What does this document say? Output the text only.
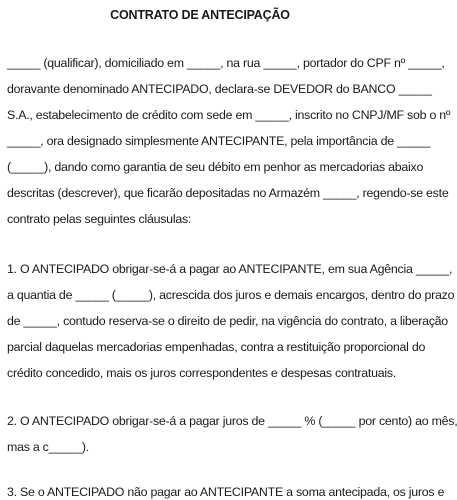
CONTRATO DE ANTECIPAÇÃO
_____ (qualificar), domiciliado em _____, na rua _____, portador do CPF nº _____,
doravante denominado ANTECIPADO, declara-se DEVEDOR do BANCO _____
S.A., estabelecimento de crédito com sede em _____, inscrito no CNPJ/MF sob o nº
_____, ora designado simplesmente ANTECIPANTE, pela importância de _____
(_____), dando como garantia de seu débito em penhor as mercadorias abaixo
descritas (descrever), que ficarão depositadas no Armazém _____, regendo-se este
contrato pelas seguintes cláusulas:
1. O ANTECIPADO obrigar-se-á a pagar ao ANTECIPANTE, em sua Agência _____,
a quantia de _____ (_____), acrescida dos juros e demais encargos, dentro do prazo
de _____, contudo reserva-se o direito de pedir, na vigência do contrato, a liberação
parcial daquelas mercadorias empenhadas, contra a restituição proporcional do
crédito concedido, mais os juros correspondentes e despesas contratuais.
2. O ANTECIPADO obrigar-se-á a pagar juros de _____ % (_____ por cento) ao mês,
mas a c_____).
3. Se o ANTECIPADO não pagar ao ANTECIPANTE a soma antecipada, os juros e
